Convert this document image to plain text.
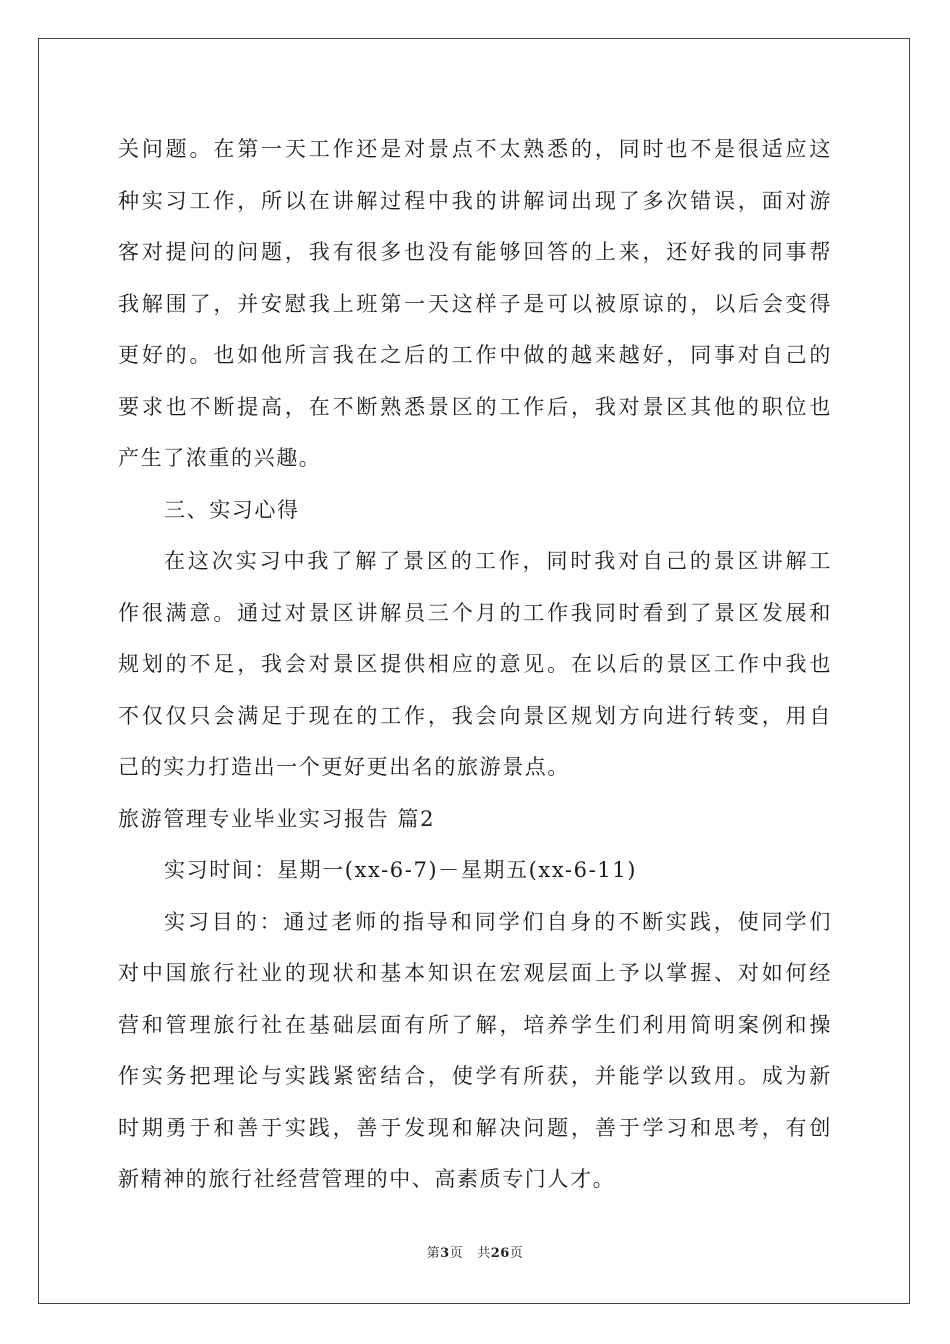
关问题。在第一天工作还是对景点不太熟悉的，同时也不是很适应这
种实习工作，所以在讲解过程中我的讲解词出现了多次错误，面对游
客对提问的问题，我有很多也没有能够回答的上来，还好我的同事帮
我解围了，并安慰我上班第一天这样子是可以被原谅的，以后会变得
更好的。也如他所言我在之后的工作中做的越来越好，同事对自己的
要求也不断提高，在不断熟悉景区的工作后，我对景区其他的职位也
产生了浓重的兴趣。
三、实习心得
在这次实习中我了解了景区的工作，同时我对自己的景区讲解工
作很满意。通过对景区讲解员三个月的工作我同时看到了景区发展和
规划的不足，我会对景区提供相应的意见。在以后的景区工作中我也
不仅仅只会满足于现在的工作，我会向景区规划方向进行转变，用自
己的实力打造出一个更好更出名的旅游景点。
旅游管理专业毕业实习报告 篇2
实习时间：星期一(xx-6-7)－星期五(xx-6-11)
实习目的：通过老师的指导和同学们自身的不断实践，使同学们
对中国旅行社业的现状和基本知识在宏观层面上予以掌握、对如何经
营和管理旅行社在基础层面有所了解，培养学生们利用简明案例和操
作实务把理论与实践紧密结合，使学有所获，并能学以致用。成为新
时期勇于和善于实践，善于发现和解决问题，善于学习和思考，有创
新精神的旅行社经营管理的中、高素质专门人才。
第3页 共26页
